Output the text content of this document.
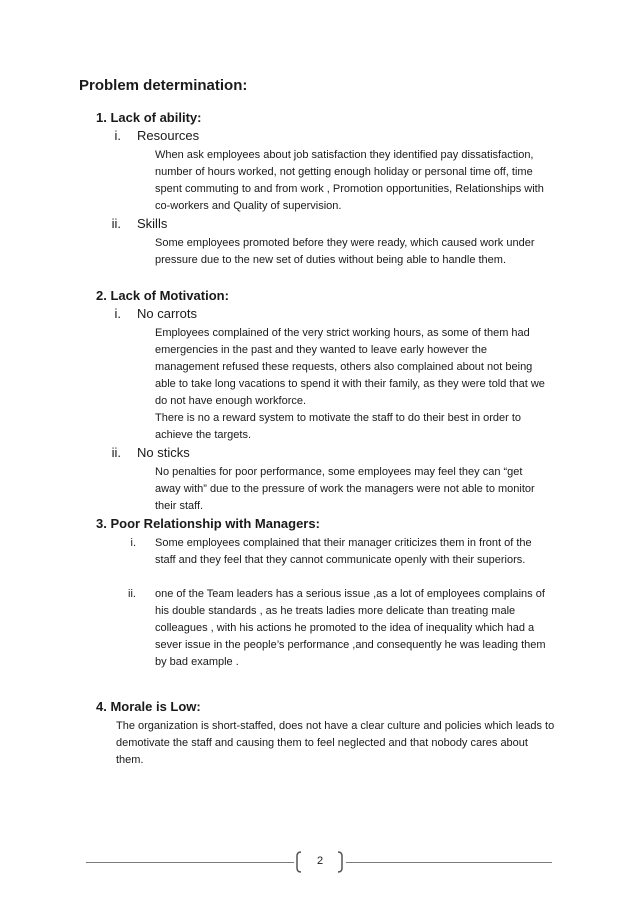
Problem determination:
1. Lack of ability:
i. Resources

When ask employees about job satisfaction they identified pay dissatisfaction, number of hours worked, not getting enough holiday or personal time off, time spent commuting to and from work , Promotion opportunities, Relationships with co-workers and Quality of supervision.

ii. Skills

Some employees promoted before they were ready, which caused work under pressure due to the new set of duties without being able to handle them.

2. Lack of Motivation:
i. No carrots

Employees complained of the very strict working hours, as some of them had emergencies in the past and they wanted to leave early however the management refused these requests, others also complained about not being able to take long vacations to spend it with their family, as they were told that we do not have enough workforce.

There is no a reward system to motivate the staff to do their best in order to achieve the targets.

ii. No sticks

No penalties for poor performance, some employees may feel they can “get away with” due to the pressure of work the managers were not able to monitor their staff.

3. Poor Relationship with Managers:

i. Some employees complained that their manager criticizes them in front of the staff and they feel that they cannot communicate openly with their superiors.

ii. one of the Team leaders has a serious issue ,as a lot of employees complains of his double standards , as he treats ladies more delicate than treating male colleagues , with his actions he promoted to the idea of inequality which had a sever issue in the people’s performance ,and consequently he was leading them by bad example .

4. Morale is Low:

The organization is short-staffed, does not have a clear culture and policies which leads to demotivate the staff and causing them to feel neglected and that nobody cares about them.

2
